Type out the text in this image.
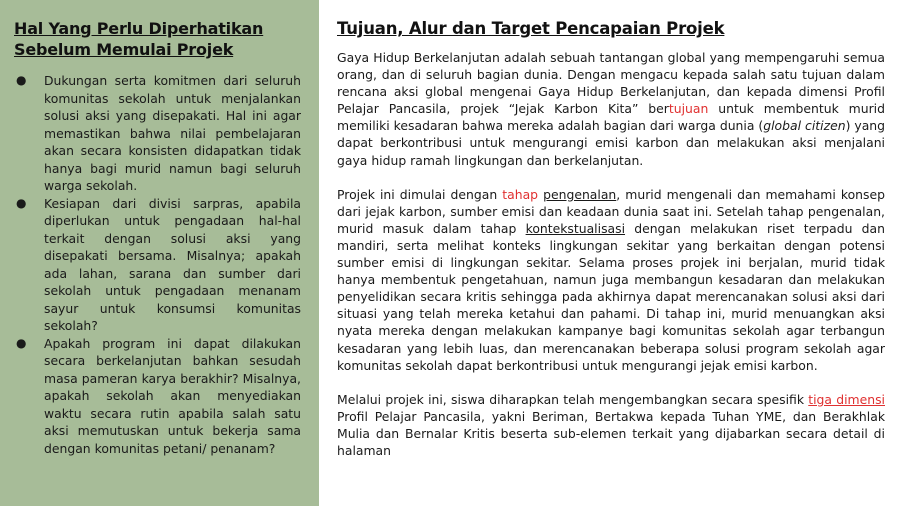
Hal Yang Perlu Diperhatikan
Sebelum Memulai Projek
● Dukungan serta komitmen dari seluruh komunitas sekolah untuk menjalankan solusi aksi yang disepakati. Hal ini agar memastikan bahwa nilai pembelajaran akan secara konsisten didapatkan tidak hanya bagi murid namun bagi seluruh warga sekolah.
● Kesiapan dari divisi sarpras, apabila diperlukan untuk pengadaan hal-hal terkait dengan solusi aksi yang disepakati bersama. Misalnya; apakah ada lahan, sarana dan sumber dari sekolah untuk pengadaan menanam sayur untuk konsumsi komunitas sekolah?
● Apakah program ini dapat dilakukan secara berkelanjutan bahkan sesudah masa pameran karya berakhir? Misalnya, apakah sekolah akan menyediakan waktu secara rutin apabila salah satu aksi memutuskan untuk bekerja sama dengan komunitas petani/ penanam?
Tujuan, Alur dan Target Pencapaian Projek

Gaya Hidup Berkelanjutan adalah sebuah tantangan global yang mempengaruhi semua orang, dan di seluruh bagian dunia. Dengan mengacu kepada salah satu tujuan dalam rencana aksi global mengenai Gaya Hidup Berkelanjutan, dan kepada dimensi Profil Pelajar Pancasila, projek “Jejak Karbon Kita” bertujuan untuk membentuk murid memiliki kesadaran bahwa mereka adalah bagian dari warga dunia (global citizen) yang dapat berkontribusi untuk mengurangi emisi karbon dan melakukan aksi menjalani gaya hidup ramah lingkungan dan berkelanjutan.

Projek ini dimulai dengan tahap pengenalan, murid mengenali dan memahami konsep dari jejak karbon, sumber emisi dan keadaan dunia saat ini. Setelah tahap pengenalan, murid masuk dalam tahap kontekstualisasi dengan melakukan riset terpadu dan mandiri, serta melihat konteks lingkungan sekitar yang berkaitan dengan potensi sumber emisi di lingkungan sekitar. Selama proses projek ini berjalan, murid tidak hanya membentuk pengetahuan, namun juga membangun kesadaran dan melakukan penyelidikan secara kritis sehingga pada akhirnya dapat merencanakan solusi aksi dari situasi yang telah mereka ketahui dan pahami. Di tahap ini, murid menuangkan aksi nyata mereka dengan melakukan kampanye bagi komunitas sekolah agar terbangun kesadaran yang lebih luas, dan merencanakan beberapa solusi program sekolah agar komunitas sekolah dapat berkontribusi untuk mengurangi jejak emisi karbon.

Melalui projek ini, siswa diharapkan telah mengembangkan secara spesifik tiga dimensi Profil Pelajar Pancasila, yakni Beriman, Bertakwa kepada Tuhan YME, dan Berakhlak Mulia dan Bernalar Kritis beserta sub-elemen terkait yang dijabarkan secara detail di halaman
